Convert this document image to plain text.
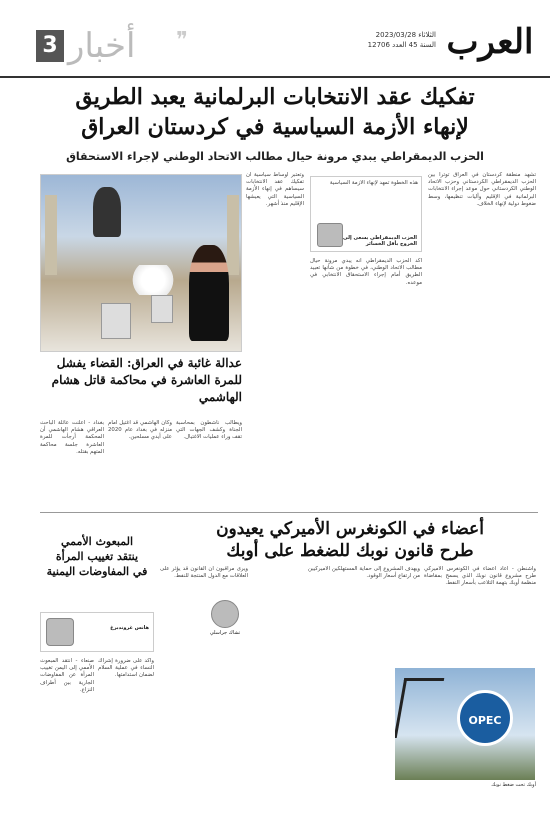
العرب
الثلاثاء 2023/03/28
السنة 45 العدد 12706
❞
أخبار
3
تفكيك عقد الانتخابات البرلمانية يعبد الطريق
لإنهاء الأزمة السياسية في كردستان العراق
الحزب الديمقراطي يبدي مرونة حيال مطالب الاتحاد الوطني لإجراء الاستحقاق

تشهد منطقة كردستان في العراق توترا بين الحزب الديمقراطي الكردستاني وحزب الاتحاد الوطني الكردستاني حول موعد إجراء الانتخابات البرلمانية في الإقليم وآليات تنظيمها، وسط ضغوط دولية لإنهاء الخلاف.

هذه الخطوة تمهد لإنهاء الأزمة السياسية
الحزب الديمقراطي يسعى إلى الخروج بأقل الخسائر

أكد الحزب الديمقراطي أنه يبدي مرونة حيال مطالب الاتحاد الوطني، في خطوة من شأنها تعبيد الطريق أمام إجراء الاستحقاق الانتخابي في موعده.

وتعتبر أوساط سياسية أن تفكيك عقد الانتخابات سيساهم في إنهاء الأزمة السياسية التي يعيشها الإقليم منذ أشهر.

عدالة غائبة في العراق: القضاء يفشل للمرة العاشرة في محاكمة قاتل هشام الهاشمي

بغداد - أعلنت عائلة الباحث العراقي هشام الهاشمي أن المحكمة أرجأت للمرة العاشرة جلسة محاكمة المتهم بقتله.

وكان الهاشمي قد اغتيل أمام منزله في بغداد عام 2020 على أيدي مسلحين.

ويطالب ناشطون بمحاسبة الجناة وكشف الجهات التي تقف وراء عمليات الاغتيال.

أعضاء في الكونغرس الأميركي يعيدون
طرح قانون نوبك للضغط على أوبك

واشنطن - أعاد أعضاء في الكونغرس الأميركي طرح مشروع قانون نوبك الذي يسمح بمقاضاة منظمة أوبك بتهمة التلاعب بأسعار النفط.

ويهدف المشروع إلى حماية المستهلكين الأميركيين من ارتفاع أسعار الوقود.

ويرى مراقبون أن القانون قد يؤثر على العلاقات مع الدول المنتجة للنفط.

تشاك جراسلي
OPEC
أوبك تحت ضغط نوبك
المبعوث الأممي
ينتقد تغييب المرأة
في المفاوضات اليمنية
هانس غروندبرغ

صنعاء - انتقد المبعوث الأممي إلى اليمن تغييب المرأة عن المفاوضات الجارية بين أطراف النزاع.

وأكد على ضرورة إشراك النساء في عملية السلام لضمان استدامتها.
